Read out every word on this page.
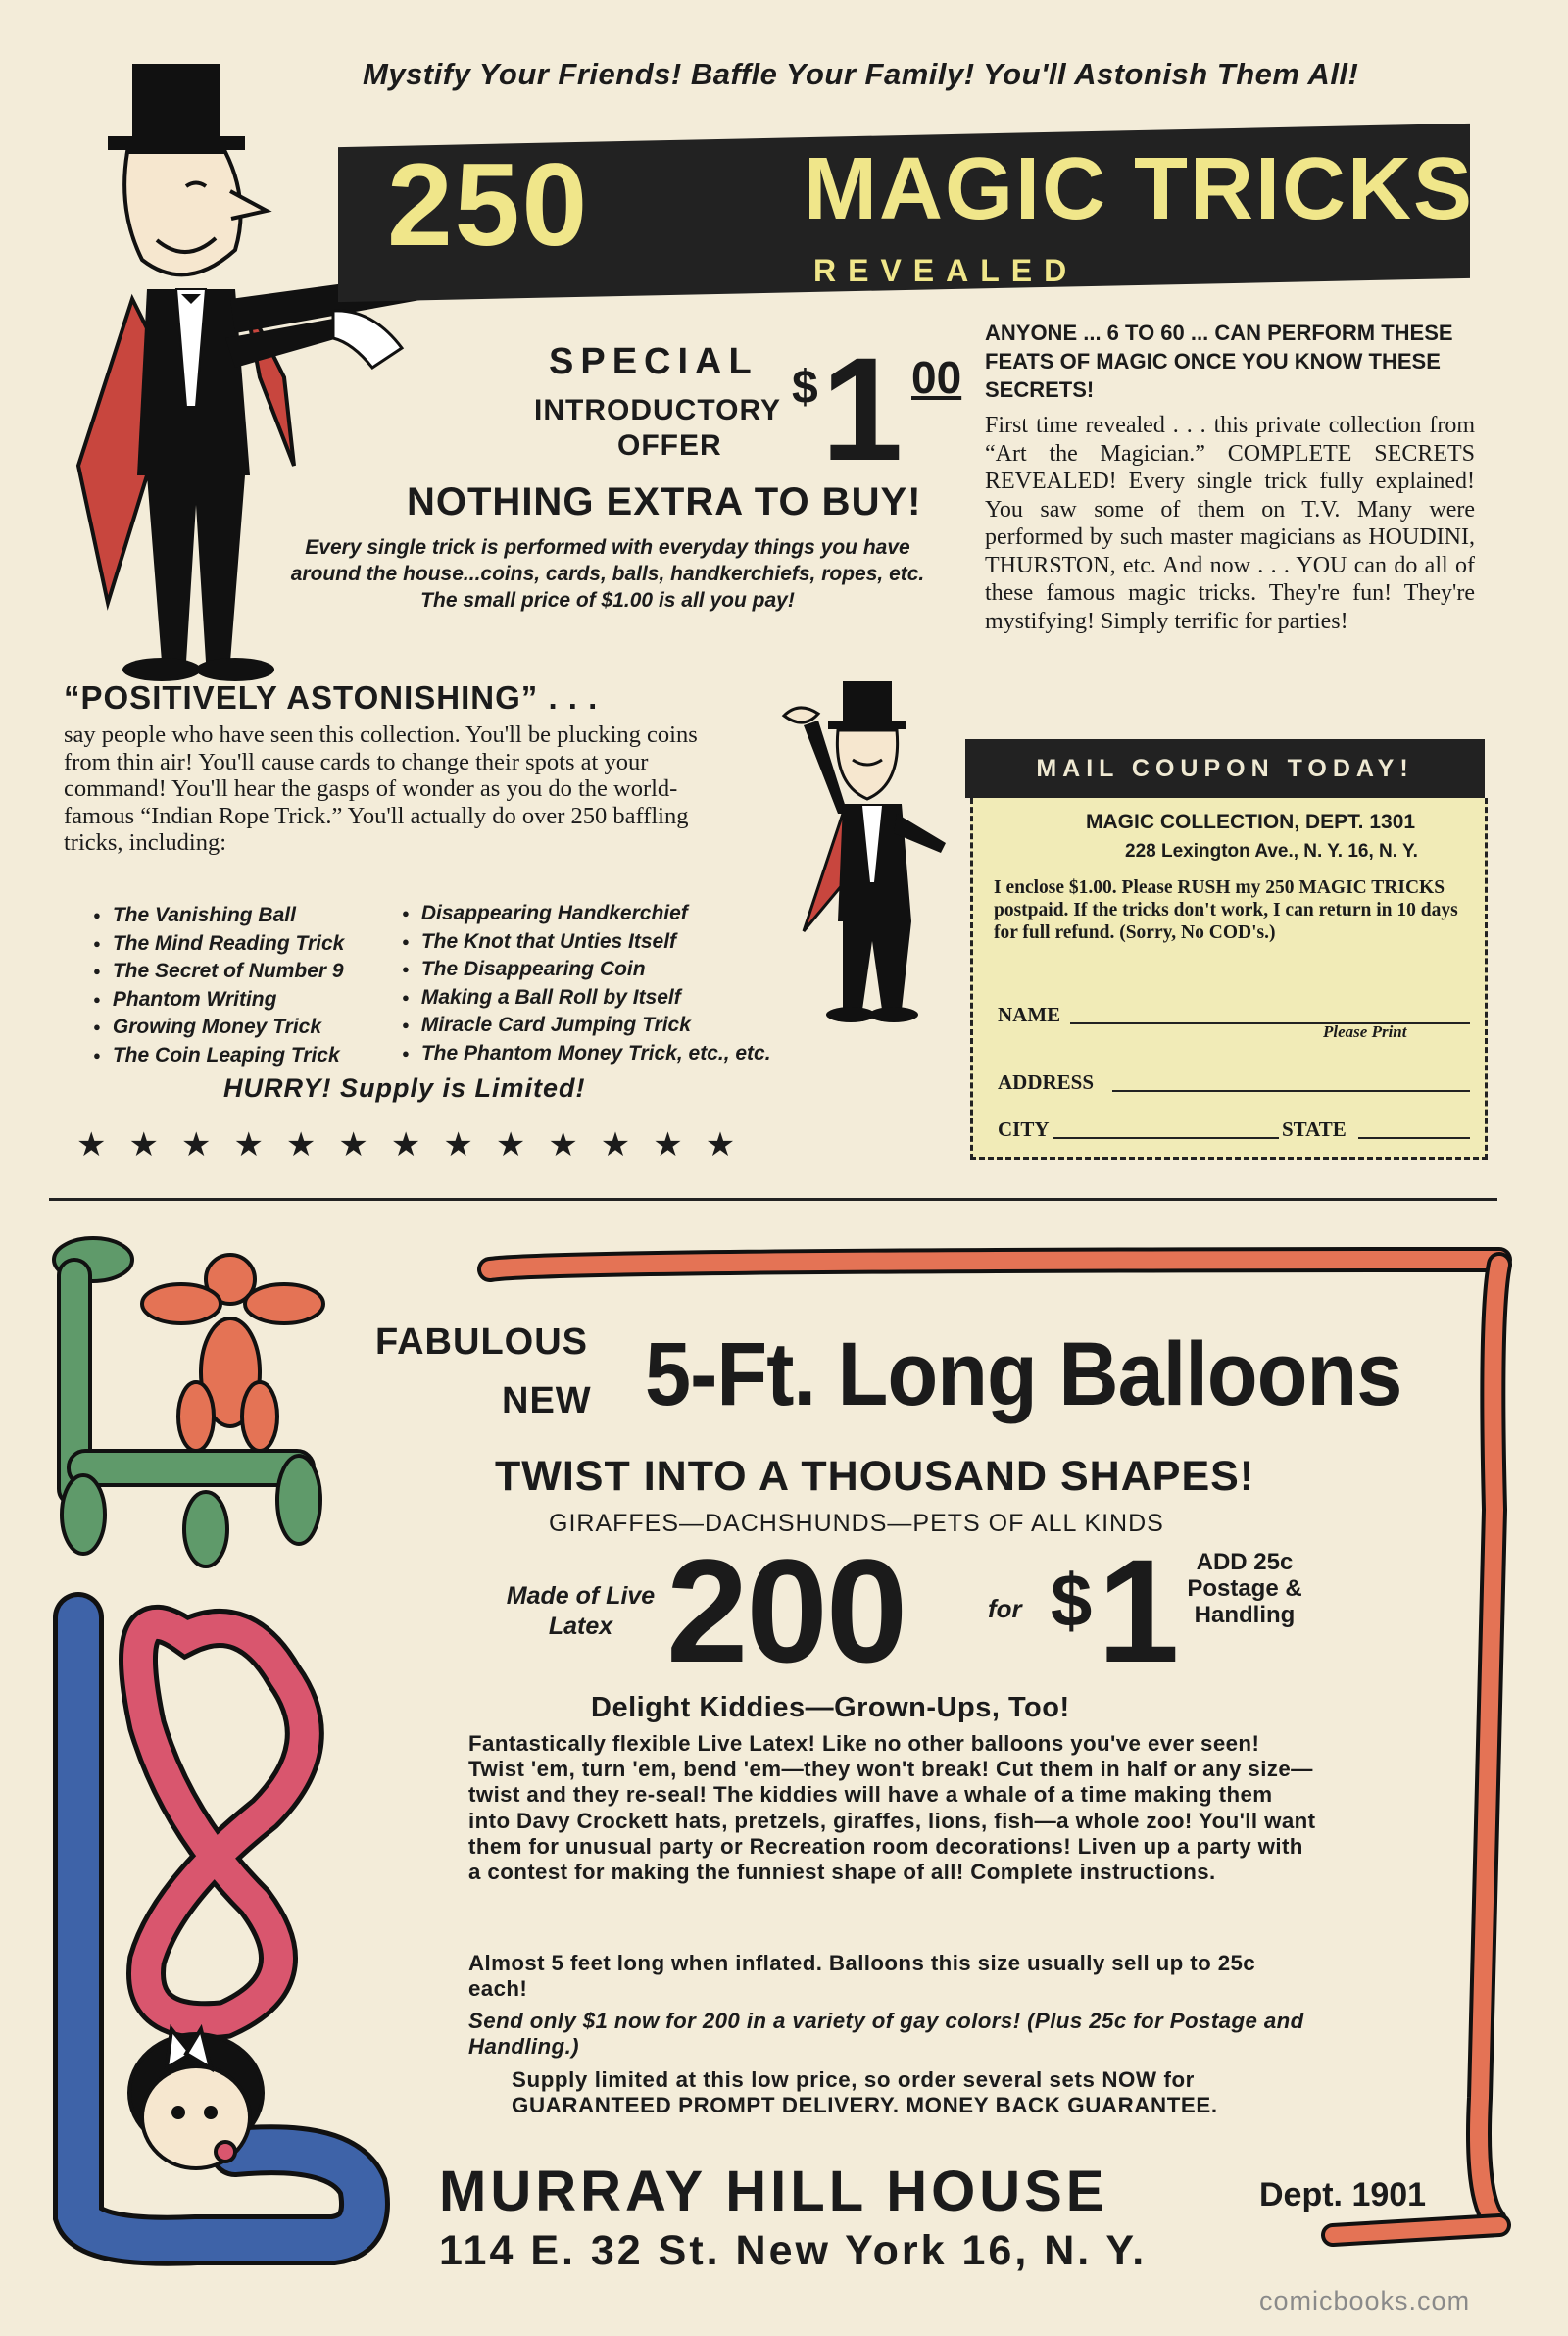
Mystify Your Friends! Baffle Your Family! You'll Astonish Them All!
250 MAGIC TRICKS
REVEALED
SPECIAL
INTRODUCTORY
OFFER
$ 1 00
NOTHING EXTRA TO BUY!
Every single trick is performed with everyday things you have around the house...coins, cards, balls, handkerchiefs, ropes, etc. The small price of $1.00 is all you pay!
ANYONE ... 6 TO 60 ... CAN PERFORM THESE FEATS OF MAGIC ONCE YOU KNOW THESE SECRETS!
First time revealed . . . this private collection from “Art the Magician.” COMPLETE SECRETS REVEALED! Every single trick fully explained! You saw some of them on T.V. Many were performed by such master magicians as HOUDINI, THURSTON, etc. And now . . . YOU can do all of these famous magic tricks. They're fun! They're mystifying! Simply terrific for parties!
“POSITIVELY ASTONISHING” . . .
say people who have seen this collection. You'll be plucking coins from thin air! You'll cause cards to change their spots at your command! You'll hear the gasps of wonder as you do the world-famous “Indian Rope Trick.” You'll actually do over 250 baffling tricks, including:
● The Vanishing Ball
● The Mind Reading Trick
● The Secret of Number 9
● Phantom Writing
● Growing Money Trick
● The Coin Leaping Trick
● Disappearing Handkerchief
● The Knot that Unties Itself
● The Disappearing Coin
● Making a Ball Roll by Itself
● Miracle Card Jumping Trick
● The Phantom Money Trick, etc., etc.
HURRY! Supply is Limited!
★★★★★★★★★★★★★
MAIL COUPON TODAY!
MAGIC COLLECTION, DEPT. 1301
228 Lexington Ave., N. Y. 16, N. Y.
I enclose $1.00. Please RUSH my 250 MAGIC TRICKS postpaid. If the tricks don't work, I can return in 10 days for full refund. (Sorry, No COD's.)
NAME
Please Print
ADDRESS
CITY	STATE
FABULOUS
NEW 5-Ft. Long Balloons
TWIST INTO A THOUSAND SHAPES!
GIRAFFES—DACHSHUNDS—PETS OF ALL KINDS
Made of Live Latex 200	for $ 1 ADD 25c Postage & Handling
Delight Kiddies—Grown-Ups, Too!
Fantastically flexible Live Latex! Like no other balloons you've ever seen! Twist 'em, turn 'em, bend 'em—they won't break! Cut them in half or any size—twist and they re-seal! The kiddies will have a whale of a time making them into Davy Crockett hats, pretzels, giraffes, lions, fish—a whole zoo! You'll want them for unusual party or Recreation room decorations! Liven up a party with a contest for making the funniest shape of all! Complete instructions.
Almost 5 feet long when inflated. Balloons this size usually sell up to 25c each!
Send only $1 now for 200 in a variety of gay colors! (Plus 25c for Postage and Handling.)
Supply limited at this low price, so order several sets NOW for GUARANTEED PROMPT DELIVERY. MONEY BACK GUARANTEE.
MURRAY HILL HOUSE	Dept. 1901
114 E. 32 St. New York 16, N. Y.
comicbooks.com
